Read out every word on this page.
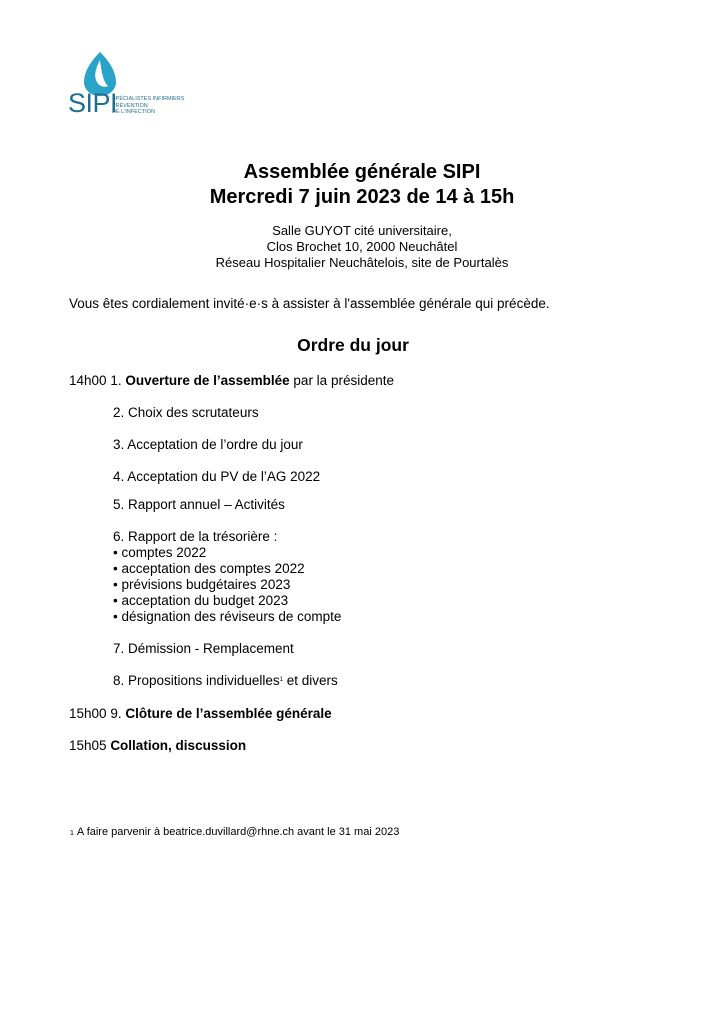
SIPI
SPÉCIALISTES INFIRMIERS
PRÉVENTION
DE L'INFECTION
Assemblée générale SIPI
Mercredi 7 juin 2023 de 14 à 15h
Salle GUYOT cité universitaire,
Clos Brochet 10, 2000 Neuchâtel
Réseau Hospitalier Neuchâtelois, site de Pourtalès
Vous êtes cordialement invité·e·s à assister à l'assemblée générale qui précède.
Ordre du jour
14h00 1. Ouverture de l’assemblée par la présidente
2. Choix des scrutateurs
3. Acceptation de l’ordre du jour
4. Acceptation du PV de l’AG 2022
5. Rapport annuel – Activités
6. Rapport de la trésorière :
• comptes 2022
• acceptation des comptes 2022
• prévisions budgétaires 2023
• acceptation du budget 2023
• désignation des réviseurs de compte
7. Démission - Remplacement
8. Propositions individuelles$^1$ et divers
15h00 9. Clôture de l’assemblée générale
15h05 Collation, discussion
1 A faire parvenir à beatrice.duvillard@rhne.ch avant le 31 mai 2023
